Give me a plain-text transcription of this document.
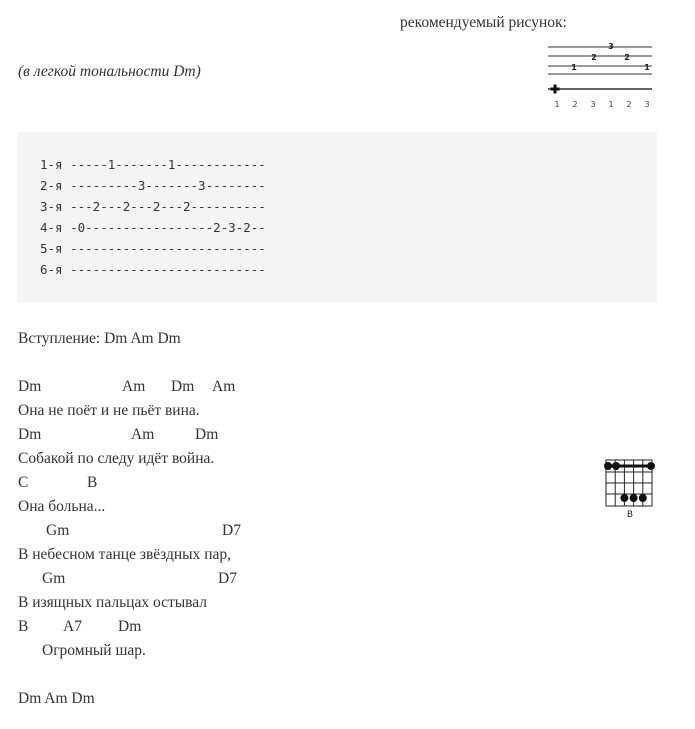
рекомендуемый рисунок:
(в легкой тональности Dm)
3
2	2
1	1
1 2 3 1 2 3
1-я -----1-------1------------
2-я ---------3-------3--------
3-я ---2---2---2---2----------
4-я -0-----------------2-3-2--
5-я --------------------------
6-я --------------------------
Вступление: Dm Am Dm
Dm	Am Dm Am
Она не поёт и не пьёт вина.
Dm	Am	Dm
Собакой по следу идёт война.
C	B
Она больна...
Gm	D7
В небесном танце звёздных пар,
Gm	D7
В изящных пальцах остывал
B A7 Dm
Огромный шар.
Dm Am Dm
B
